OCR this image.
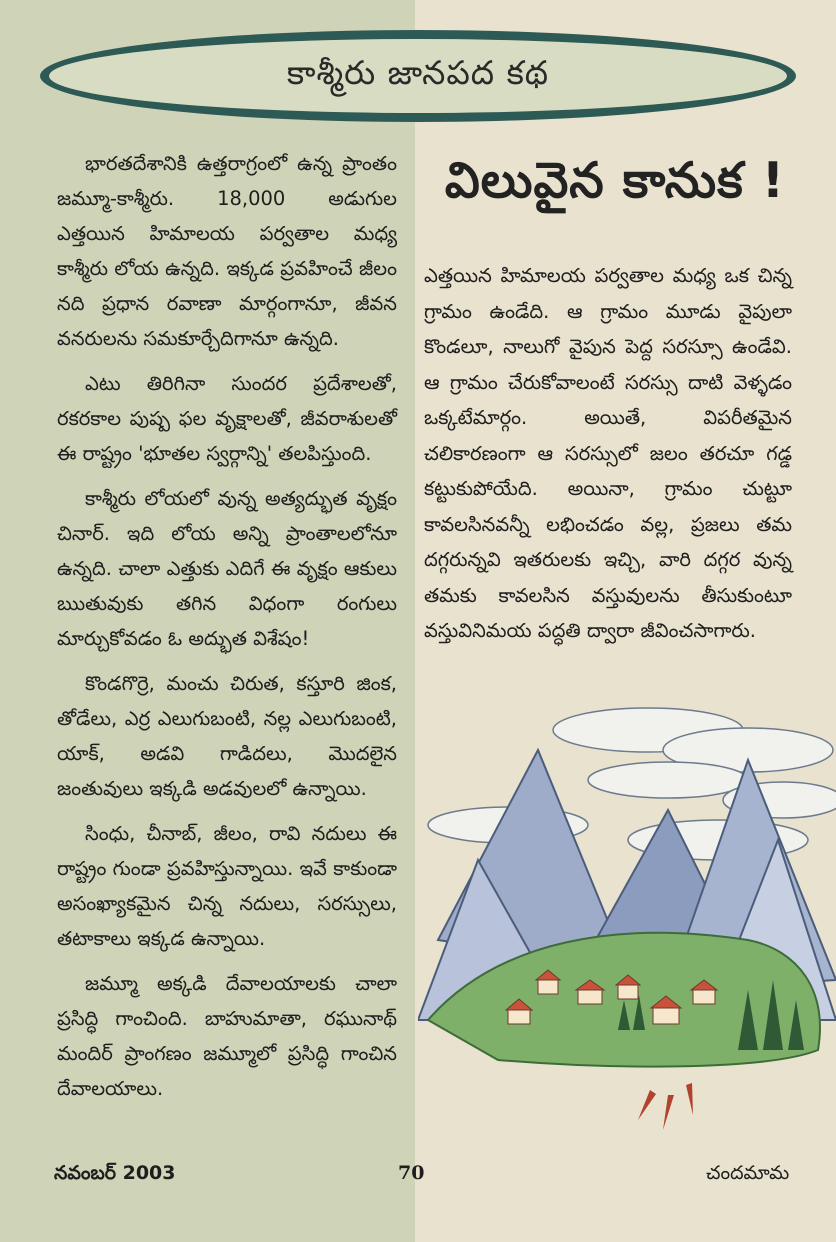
కాశ్మీరు జానపద కథ

భారతదేశానికి ఉత్తరాగ్రంలో ఉన్న ప్రాంతం జమ్మూ-కాశ్మీరు. 18,000 అడుగుల ఎత్తయిన హిమాలయ పర్వతాల మధ్య కాశ్మీరు లోయ ఉన్నది. ఇక్కడ ప్రవహించే జీలం నది ప్రధాన రవాణా మార్గంగానూ, జీవన వనరులను సమకూర్చేదిగానూ ఉన్నది.

ఎటు తిరిగినా సుందర ప్రదేశాలతో, రకరకాల పుష్ప ఫల వృక్షాలతో, జీవరాశులతో ఈ రాష్ట్రం 'భూతల స్వర్గాన్ని' తలపిస్తుంది.

కాశ్మీరు లోయలో వున్న అత్యద్భుత వృక్షం చినార్. ఇది లోయ అన్ని ప్రాంతాలలోనూ ఉన్నది. చాలా ఎత్తుకు ఎదిగే ఈ వృక్షం ఆకులు ఋతువుకు తగిన విధంగా రంగులు మార్చుకోవడం ఓ అద్భుత విశేషం!

కొండగొర్రె, మంచు చిరుత, కస్తూరి జింక, తోడేలు, ఎర్ర ఎలుగుబంటి, నల్ల ఎలుగుబంటి, యాక్, అడవి గాడిదలు, మొదలైన జంతువులు ఇక్కడి అడవులలో ఉన్నాయి.

సింధు, చీనాబ్, జీలం, రావి నదులు ఈ రాష్ట్రం గుండా ప్రవహిస్తున్నాయి. ఇవే కాకుండా అసంఖ్యాకమైన చిన్న నదులు, సరస్సులు, తటాకాలు ఇక్కడ ఉన్నాయి.

జమ్మూ అక్కడి దేవాలయాలకు చాలా ప్రసిద్ధి గాంచింది. బాహుమాతా, రఘునాథ్ మందిర్ ప్రాంగణం జమ్మూలో ప్రసిద్ధి గాంచిన దేవాలయాలు.

విలువైన కానుక !

ఎత్తయిన హిమాలయ పర్వతాల మధ్య ఒక చిన్న గ్రామం ఉండేది. ఆ గ్రామం మూడు వైపులా కొండలూ, నాలుగో వైపున పెద్ద సరస్సూ ఉండేవి. ఆ గ్రామం చేరుకోవాలంటే సరస్సు దాటి వెళ్ళడం ఒక్కటేమార్గం. అయితే, విపరీతమైన చలికారణంగా ఆ సరస్సులో జలం తరచూ గడ్డ కట్టుకుపోయేది. అయినా, గ్రామం చుట్టూ కావలసినవన్నీ లభించడం వల్ల, ప్రజలు తమ దగ్గరున్నవి ఇతరులకు ఇచ్చి, వారి దగ్గర వున్న తమకు కావలసిన వస్తువులను తీసుకుంటూ వస్తువినిమయ పద్ధతి ద్వారా జీవించసాగారు.

నవంబర్ 2003	70	చందమామ
